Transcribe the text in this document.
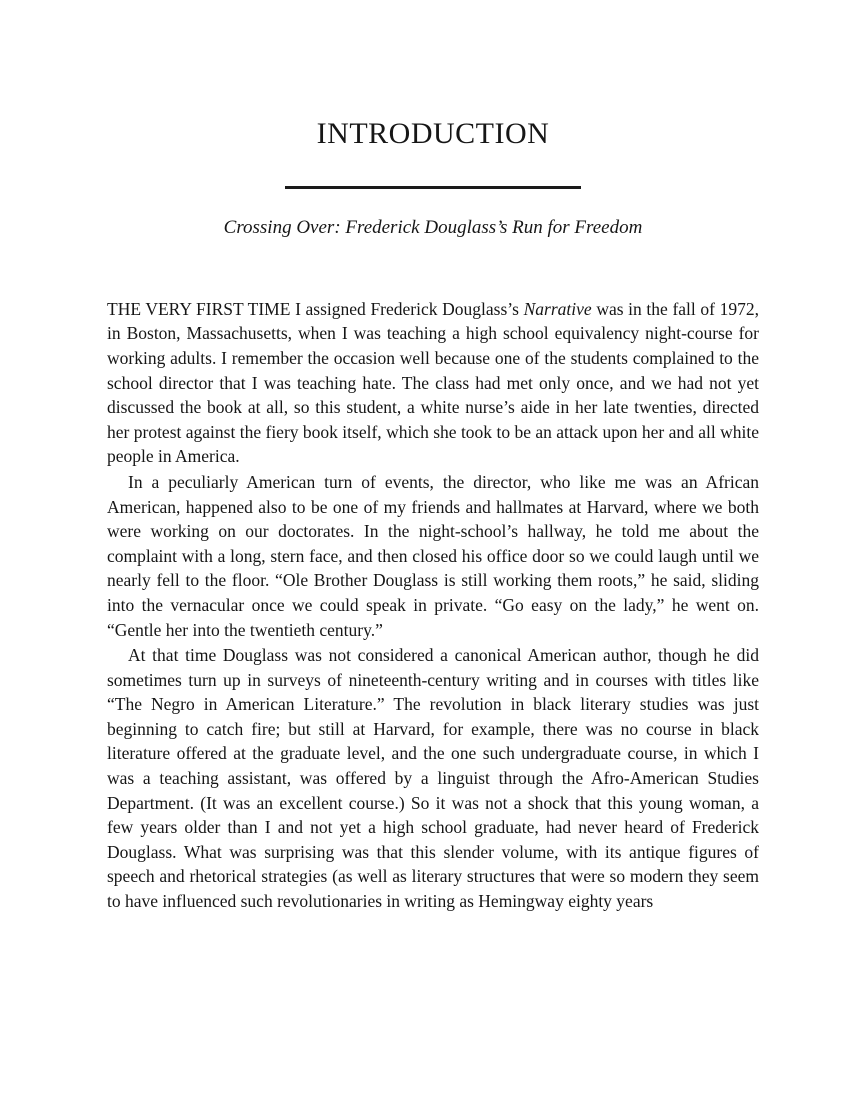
INTRODUCTION
Crossing Over: Frederick Douglass’s Run for Freedom

THE VERY FIRST TIME I assigned Frederick Douglass’s Narrative was in the fall of 1972, in Boston, Massachusetts, when I was teaching a high school equivalency night-course for working adults. I remember the occasion well because one of the students complained to the school director that I was teaching hate. The class had met only once, and we had not yet discussed the book at all, so this student, a white nurse’s aide in her late twenties, directed her protest against the fiery book itself, which she took to be an attack upon her and all white people in America.

In a peculiarly American turn of events, the director, who like me was an African American, happened also to be one of my friends and hallmates at Harvard, where we both were working on our doctorates. In the night-school’s hallway, he told me about the complaint with a long, stern face, and then closed his office door so we could laugh until we nearly fell to the floor. “Ole Brother Douglass is still working them roots,” he said, sliding into the vernacular once we could speak in private. “Go easy on the lady,” he went on. “Gentle her into the twentieth century.”

At that time Douglass was not considered a canonical American author, though he did sometimes turn up in surveys of nineteenth-century writing and in courses with titles like “The Negro in American Literature.” The revolution in black literary studies was just beginning to catch fire; but still at Harvard, for example, there was no course in black literature offered at the graduate level, and the one such undergraduate course, in which I was a teaching assistant, was offered by a linguist through the Afro-American Studies Department. (It was an excellent course.) So it was not a shock that this young woman, a few years older than I and not yet a high school graduate, had never heard of Frederick Douglass. What was surprising was that this slender volume, with its antique figures of speech and rhetorical strategies (as well as literary structures that were so modern they seem to have influenced such revolutionaries in writing as Hemingway eighty years
